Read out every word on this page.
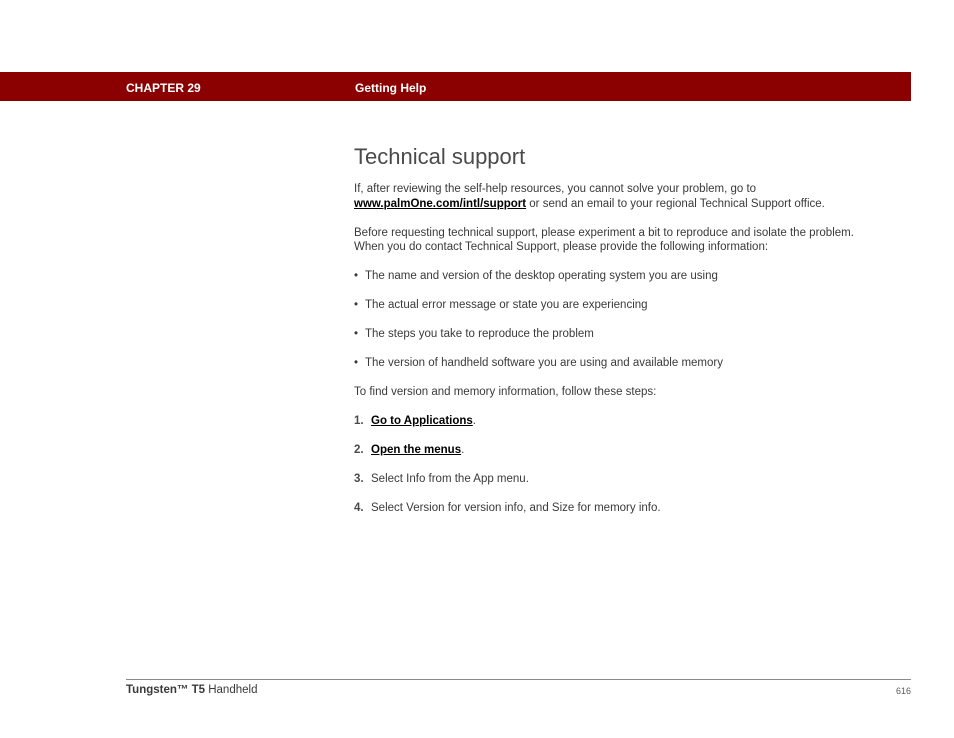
CHAPTER 29	Getting Help
Technical support

If, after reviewing the self-help resources, you cannot solve your problem, go to
www.palmOne.com/intl/support or send an email to your regional Technical Support office.

Before requesting technical support, please experiment a bit to reproduce and isolate the problem.
When you do contact Technical Support, please provide the following information:

• The name and version of the desktop operating system you are using
• The actual error message or state you are experiencing
• The steps you take to reproduce the problem
• The version of handheld software you are using and available memory

To find version and memory information, follow these steps:

1. Go to Applications.
2. Open the menus.
3. Select Info from the App menu.
4. Select Version for version info, and Size for memory info.
Tungsten™ T5 Handheld	616
